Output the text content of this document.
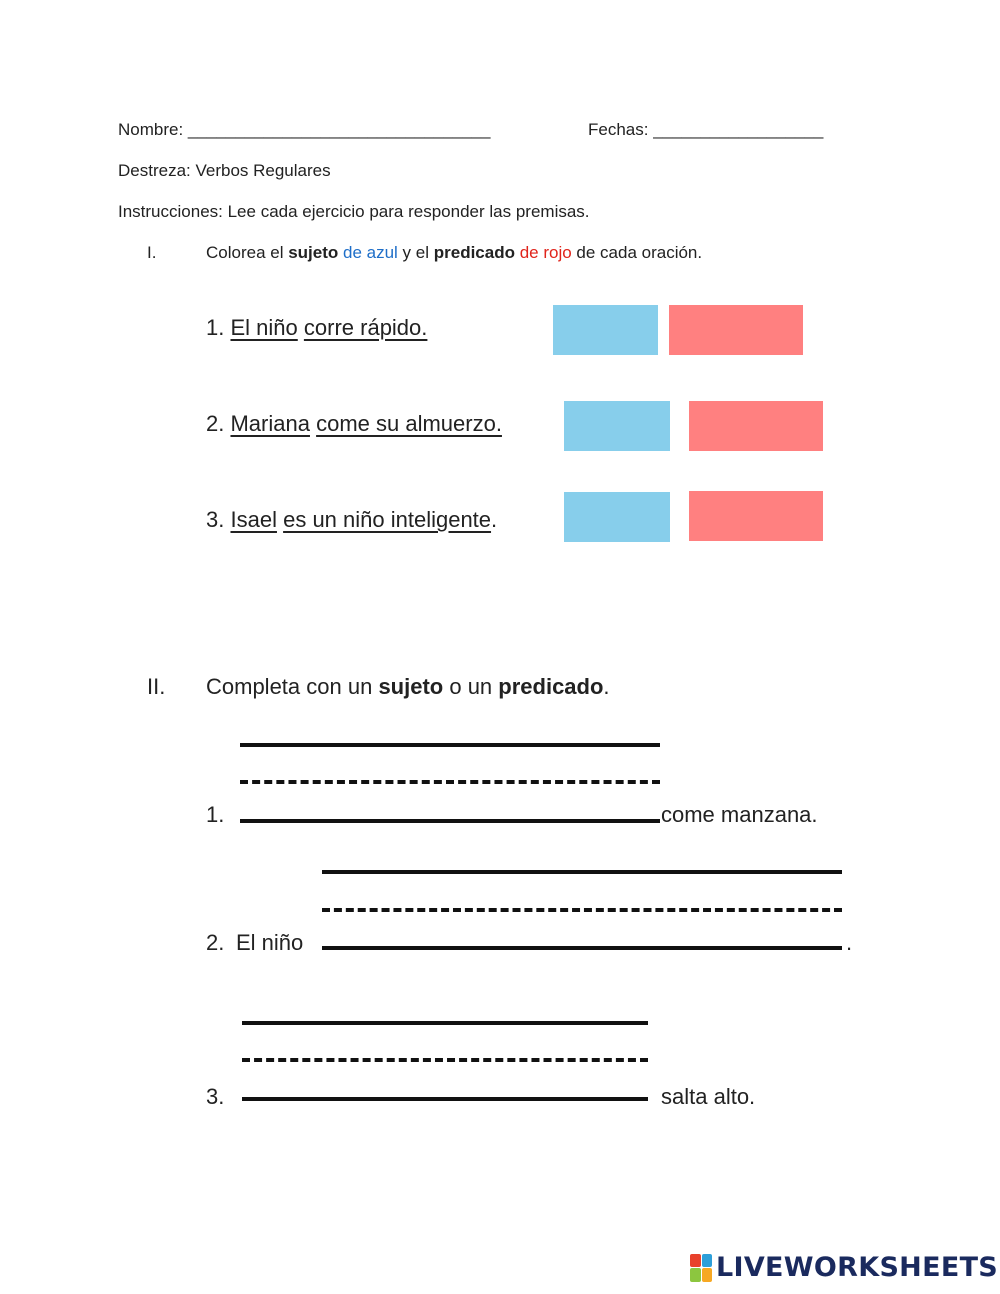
Nombre: ________________________________	Fechas: __________________
Destreza: Verbos Regulares
Instrucciones: Lee cada ejercicio para responder las premisas.
I.	Colorea el sujeto de azul y el predicado de rojo de cada oración.
1. El niño corre rápido.
2. Mariana come su almuerzo.
3. Isael es un niño inteligente.
II. Completa con un sujeto o un predicado.
1.	come manzana.
2. El niño	.
3.	salta alto.
LIVEWORKSHEETS
